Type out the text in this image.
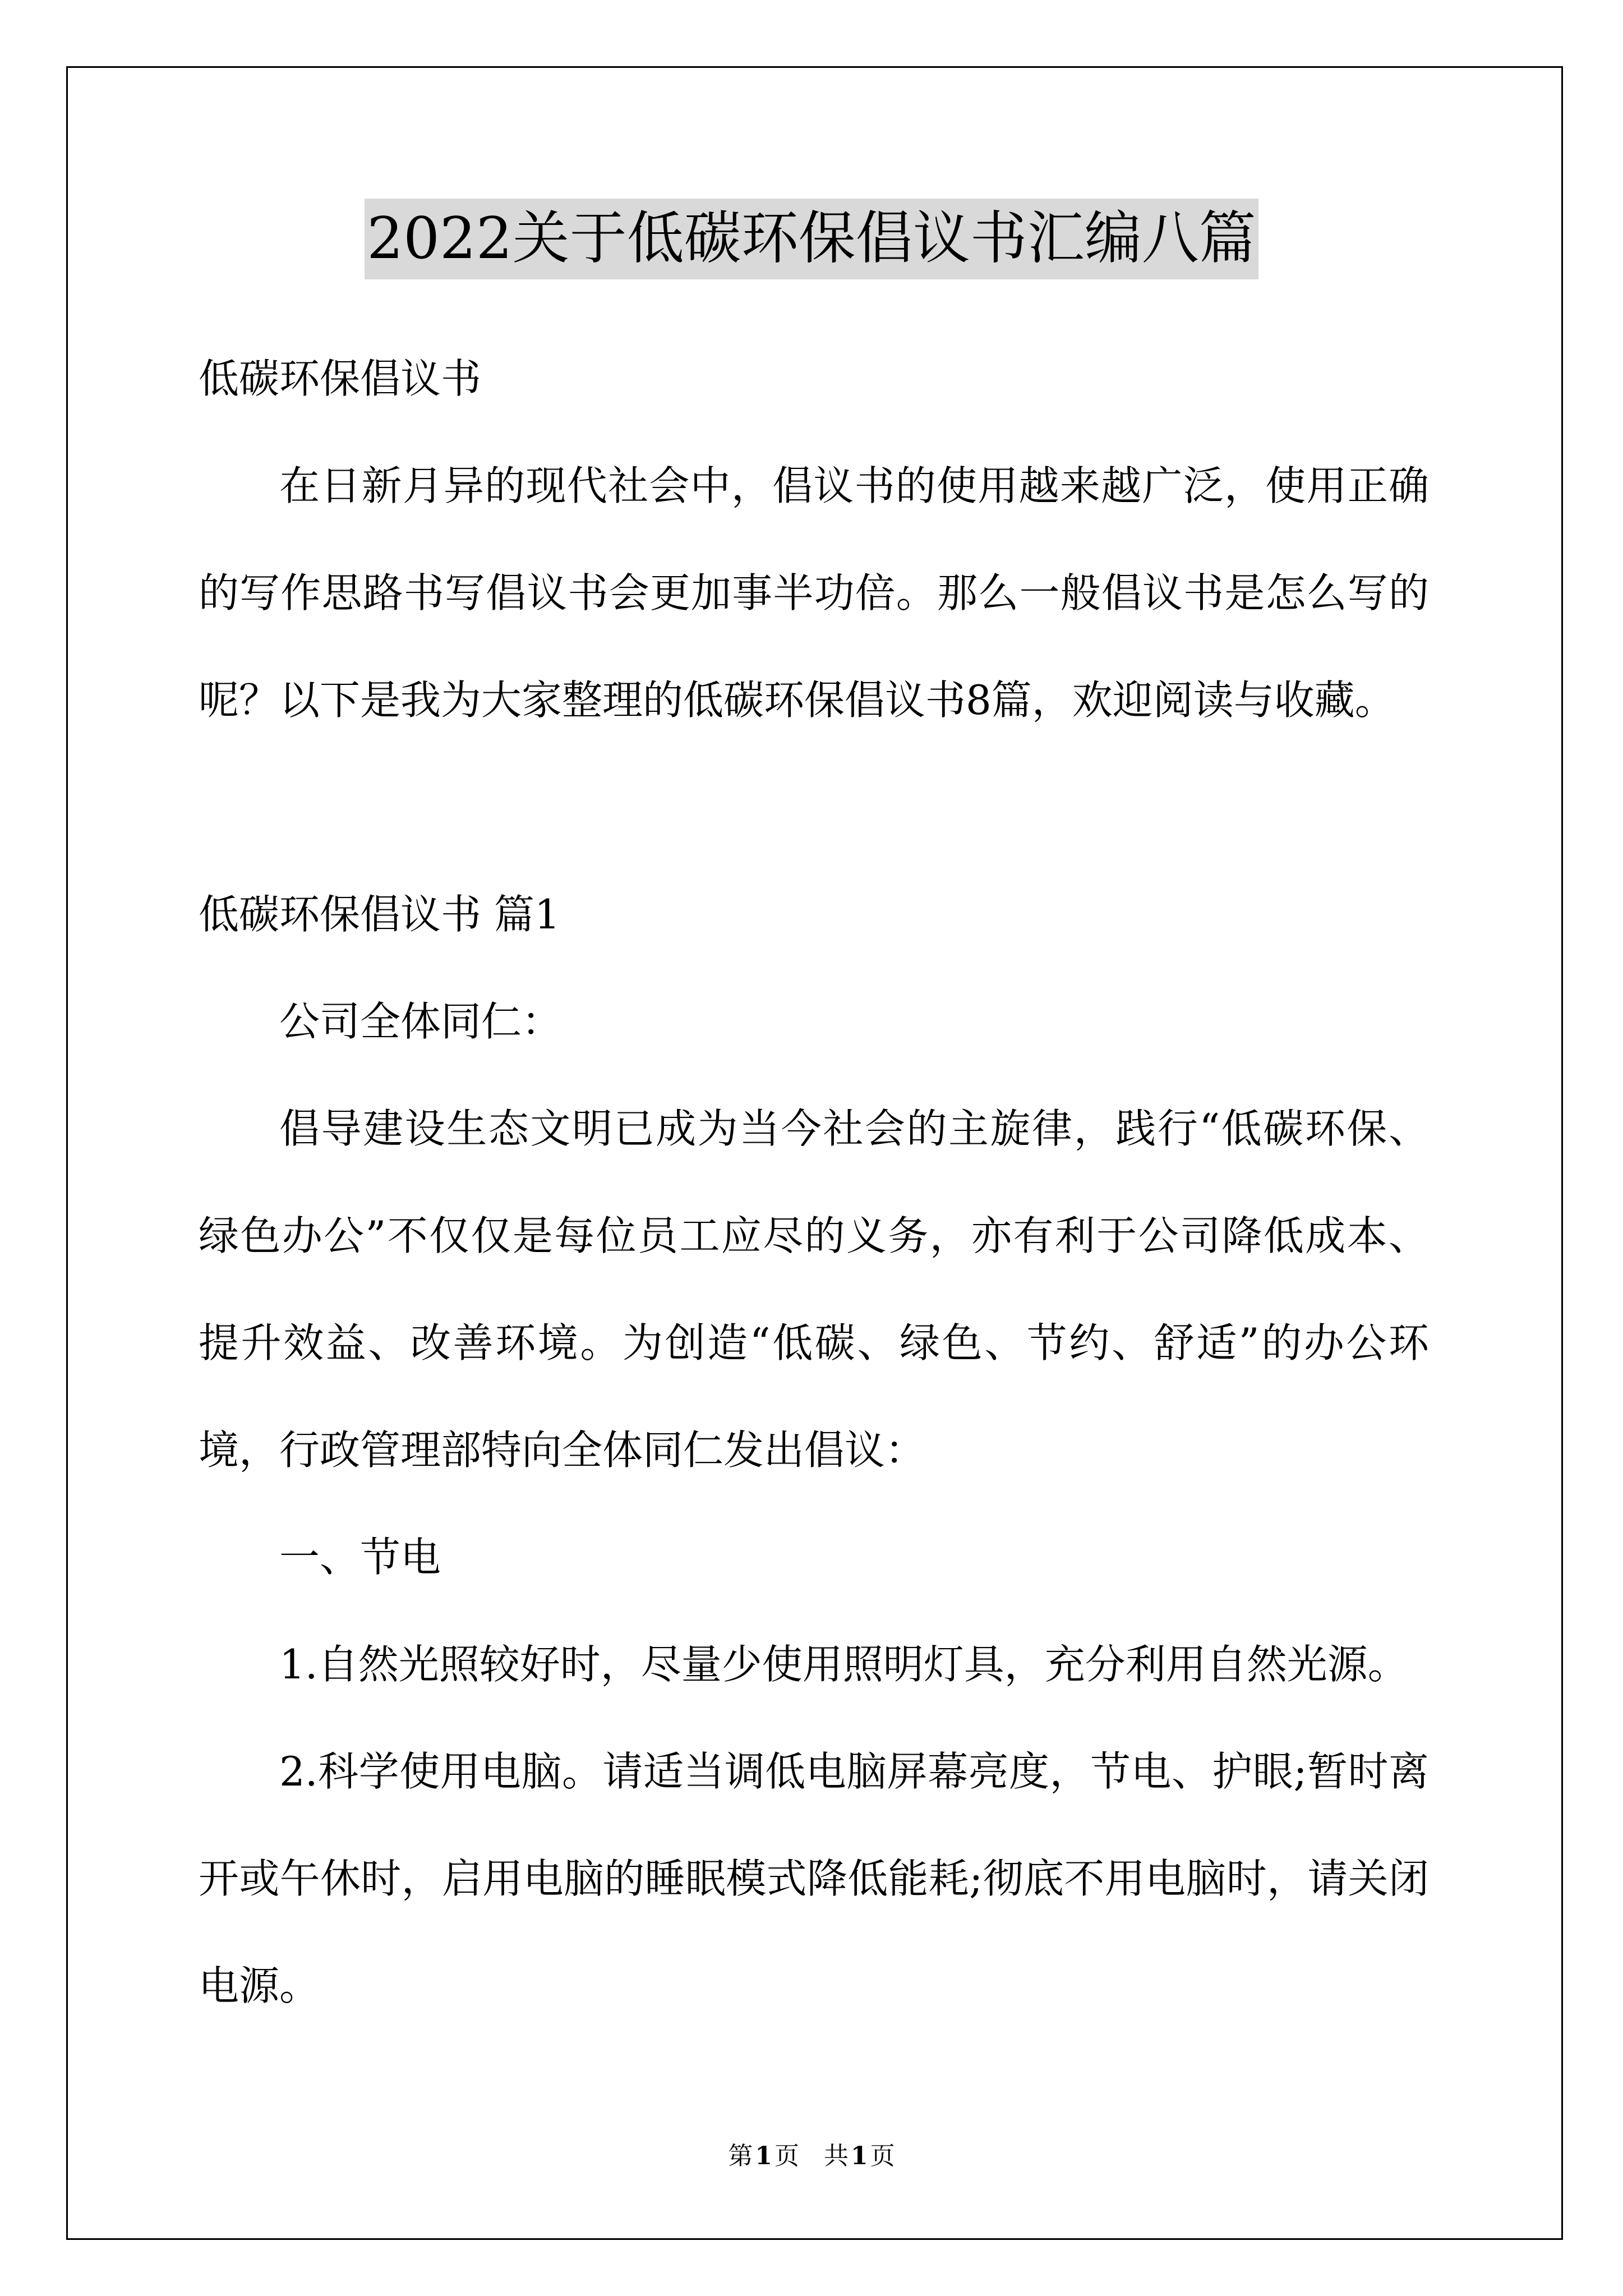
2022关于低碳环保倡议书汇编八篇
低碳环保倡议书
在日新月异的现代社会中，倡议书的使用越来越广泛，使用正确
的写作思路书写倡议书会更加事半功倍。那么一般倡议书是怎么写的
呢？以下是我为大家整理的低碳环保倡议书8篇，欢迎阅读与收藏。
低碳环保倡议书 篇1
公司全体同仁：
倡导建设生态文明已成为当今社会的主旋律，践行“低碳环保、
绿色办公”不仅仅是每位员工应尽的义务，亦有利于公司降低成本、
提升效益、改善环境。为创造“低碳、绿色、节约、舒适”的办公环
境，行政管理部特向全体同仁发出倡议：
一、节电
1.自然光照较好时，尽量少使用照明灯具，充分利用自然光源。
2.科学使用电脑。请适当调低电脑屏幕亮度，节电、护眼;暂时离
开或午休时，启用电脑的睡眠模式降低能耗;彻底不用电脑时，请关闭
电源。
第1页 共1页
